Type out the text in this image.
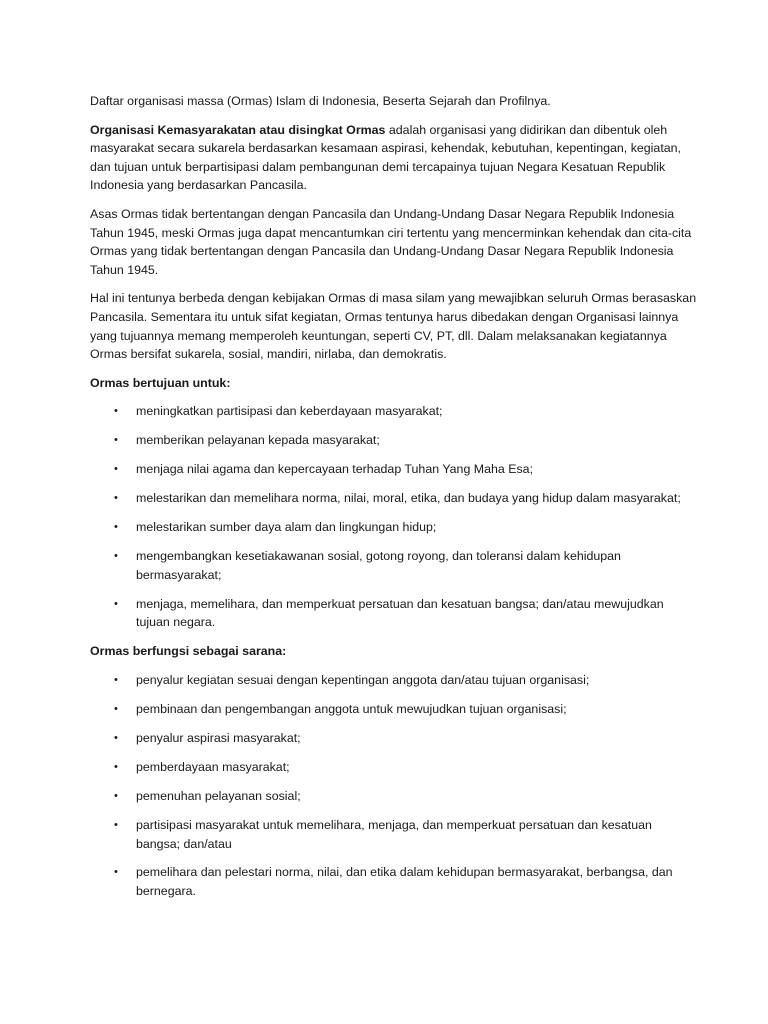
Daftar organisasi massa (Ormas) Islam di Indonesia, Beserta Sejarah dan Profilnya.

Organisasi Kemasyarakatan atau disingkat Ormas adalah organisasi yang didirikan dan dibentuk oleh masyarakat secara sukarela berdasarkan kesamaan aspirasi, kehendak, kebutuhan, kepentingan, kegiatan, dan tujuan untuk berpartisipasi dalam pembangunan demi tercapainya tujuan Negara Kesatuan Republik Indonesia yang berdasarkan Pancasila.

Asas Ormas tidak bertentangan dengan Pancasila dan Undang-Undang Dasar Negara Republik Indonesia Tahun 1945, meski Ormas juga dapat mencantumkan ciri tertentu yang mencerminkan kehendak dan cita-cita Ormas yang tidak bertentangan dengan Pancasila dan Undang-Undang Dasar Negara Republik Indonesia Tahun 1945.

Hal ini tentunya berbeda dengan kebijakan Ormas di masa silam yang mewajibkan seluruh Ormas berasaskan Pancasila. Sementara itu untuk sifat kegiatan, Ormas tentunya harus dibedakan dengan Organisasi lainnya yang tujuannya memang memperoleh keuntungan, seperti CV, PT, dll. Dalam melaksanakan kegiatannya Ormas bersifat sukarela, sosial, mandiri, nirlaba, dan demokratis.

Ormas bertujuan untuk:

• meningkatkan partisipasi dan keberdayaan masyarakat;
• memberikan pelayanan kepada masyarakat;
• menjaga nilai agama dan kepercayaan terhadap Tuhan Yang Maha Esa;
• melestarikan dan memelihara norma, nilai, moral, etika, dan budaya yang hidup dalam masyarakat;
• melestarikan sumber daya alam dan lingkungan hidup;
• mengembangkan kesetiakawanan sosial, gotong royong, dan toleransi dalam kehidupan bermasyarakat;
• menjaga, memelihara, dan memperkuat persatuan dan kesatuan bangsa; dan/atau mewujudkan tujuan negara.

Ormas berfungsi sebagai sarana:

• penyalur kegiatan sesuai dengan kepentingan anggota dan/atau tujuan organisasi;
• pembinaan dan pengembangan anggota untuk mewujudkan tujuan organisasi;
• penyalur aspirasi masyarakat;
• pemberdayaan masyarakat;
• pemenuhan pelayanan sosial;
• partisipasi masyarakat untuk memelihara, menjaga, dan memperkuat persatuan dan kesatuan bangsa; dan/atau
• pemelihara dan pelestari norma, nilai, dan etika dalam kehidupan bermasyarakat, berbangsa, dan bernegara.
